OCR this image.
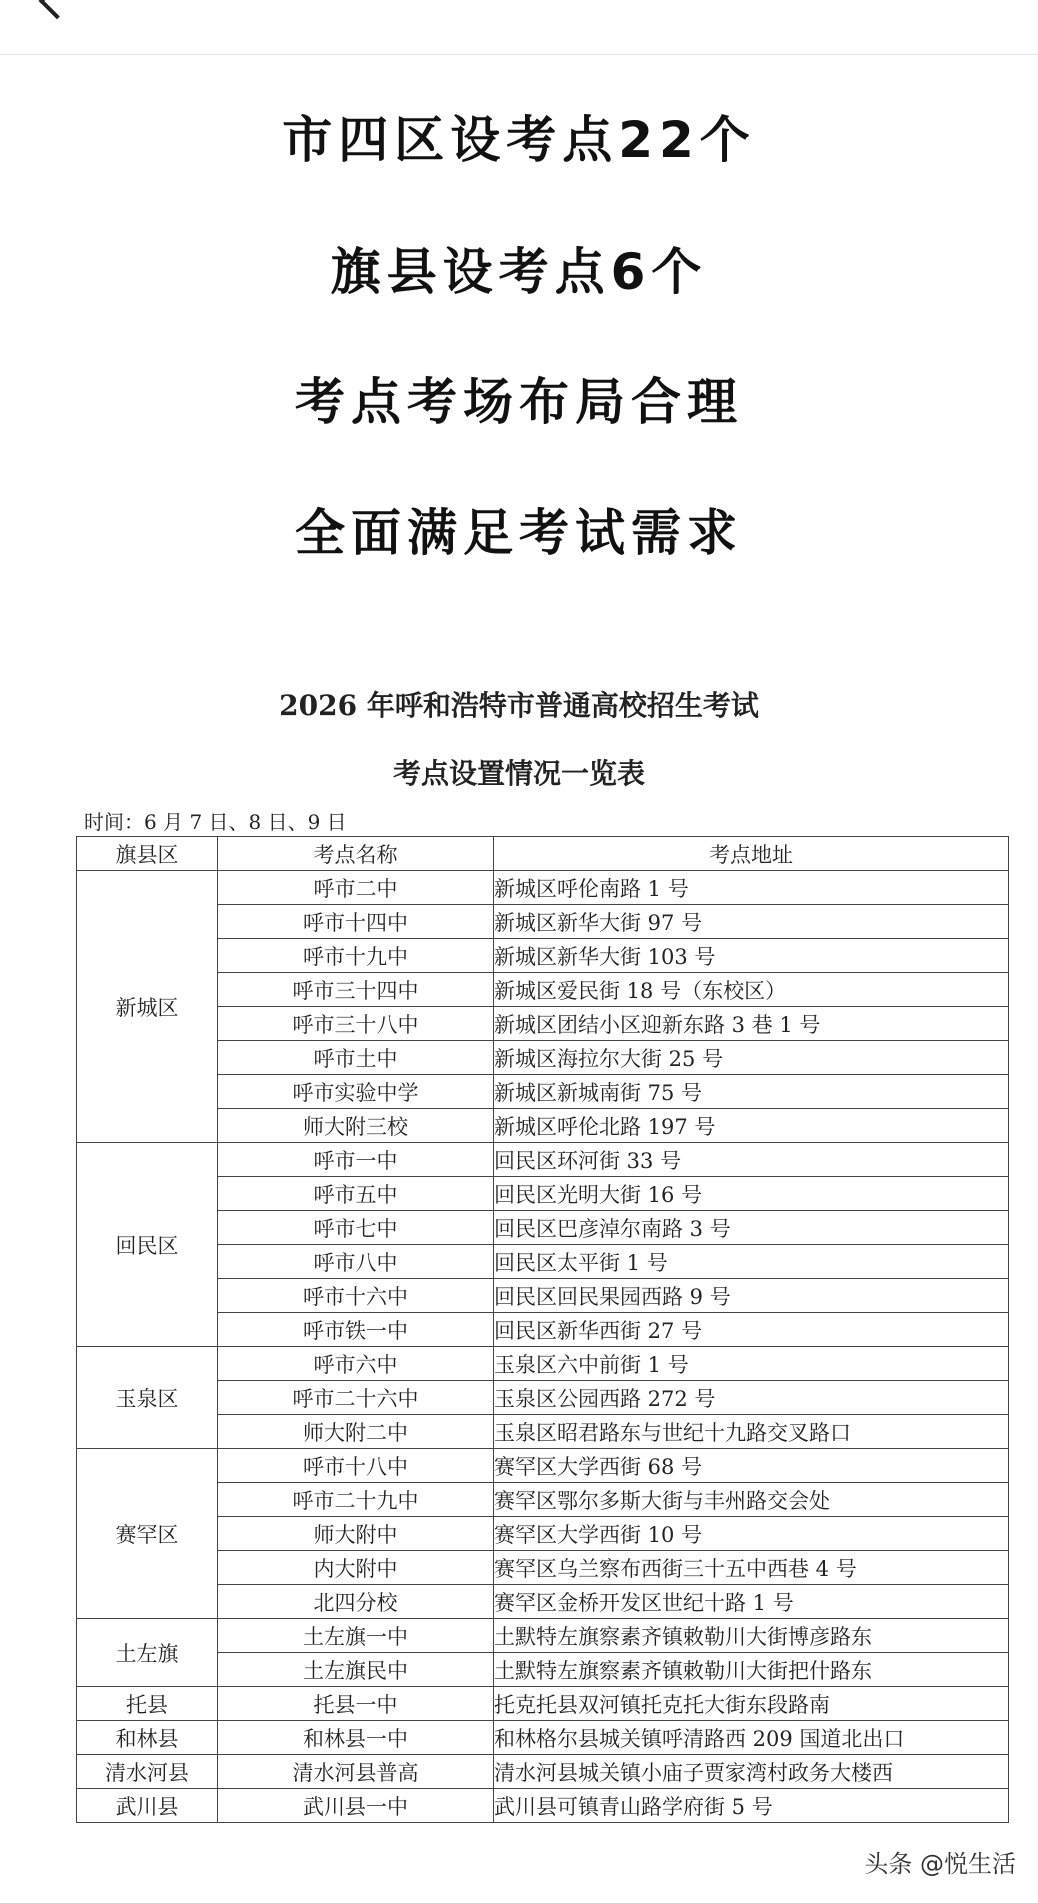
市四区设考点22个
旗县设考点6个
考点考场布局合理
全面满足考试需求
2026 年呼和浩特市普通高校招生考试
考点设置情况一览表
时间：6 月 7 日、8 日、9 日
旗县区	考点名称	考点地址
新城区	呼市二中	新城区呼伦南路 1 号
	呼市十四中	新城区新华大街 97 号
	呼市十九中	新城区新华大街 103 号
	呼市三十四中	新城区爱民街 18 号（东校区）
	呼市三十八中	新城区团结小区迎新东路 3 巷 1 号
	呼市土中	新城区海拉尔大街 25 号
	呼市实验中学	新城区新城南街 75 号
	师大附三校	新城区呼伦北路 197 号
回民区	呼市一中	回民区环河街 33 号
	呼市五中	回民区光明大街 16 号
	呼市七中	回民区巴彦淖尔南路 3 号
	呼市八中	回民区太平街 1 号
	呼市十六中	回民区回民果园西路 9 号
	呼市铁一中	回民区新华西街 27 号
玉泉区	呼市六中	玉泉区六中前街 1 号
	呼市二十六中	玉泉区公园西路 272 号
	师大附二中	玉泉区昭君路东与世纪十九路交叉路口
赛罕区	呼市十八中	赛罕区大学西街 68 号
	呼市二十九中	赛罕区鄂尔多斯大街与丰州路交会处
	师大附中	赛罕区大学西街 10 号
	内大附中	赛罕区乌兰察布西街三十五中西巷 4 号
	北四分校	赛罕区金桥开发区世纪十路 1 号
土左旗	土左旗一中	土默特左旗察素齐镇敕勒川大街博彦路东
	土左旗民中	土默特左旗察素齐镇敕勒川大街把什路东
托县	托县一中	托克托县双河镇托克托大街东段路南
和林县	和林县一中	和林格尔县城关镇呼清路西 209 国道北出口
清水河县	清水河县普高	清水河县城关镇小庙子贾家湾村政务大楼西
武川县	武川县一中	武川县可镇青山路学府街 5 号
头条 @悦生活
